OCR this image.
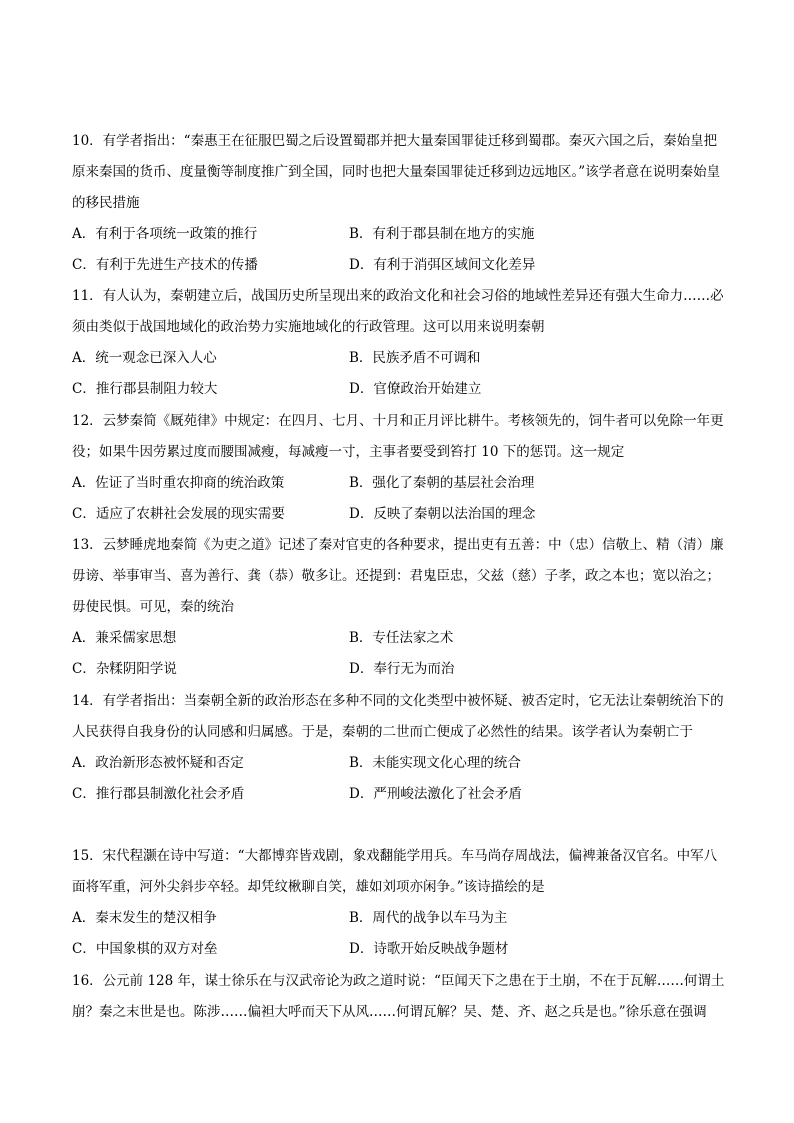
10．有学者指出：“秦惠王在征服巴蜀之后设置蜀郡并把大量秦国罪徒迁移到蜀郡。秦灭六国之后，秦始皇把原来秦国的货币、度量衡等制度推广到全国，同时也把大量秦国罪徒迁移到边远地区。”该学者意在说明秦始皇的移民措施

A．有利于各项统一政策的推行	B．有利于郡县制在地方的实施
C．有利于先进生产技术的传播	D．有利于消弭区域间文化差异

11．有人认为，秦朝建立后，战国历史所呈现出来的政治文化和社会习俗的地域性差异还有强大生命力……必须由类似于战国地域化的政治势力实施地域化的行政管理。这可以用来说明秦朝

A．统一观念已深入人心	B．民族矛盾不可调和
C．推行郡县制阻力较大	D．官僚政治开始建立

12．云梦秦简《厩苑律》中规定：在四月、七月、十月和正月评比耕牛。考核领先的，饲牛者可以免除一年更役；如果牛因劳累过度而腰围减瘦，每减瘦一寸，主事者要受到笞打 10 下的惩罚。这一规定

A．佐证了当时重农抑商的统治政策	B．强化了秦朝的基层社会治理
C．适应了农耕社会发展的现实需要	D．反映了秦朝以法治国的理念

13．云梦睡虎地秦简《为吏之道》记述了秦对官吏的各种要求，提出吏有五善：中（忠）信敬上、精（清）廉毋谤、举事审当、喜为善行、龚（恭）敬多让。还提到：君鬼臣忠，父兹（慈）子孝，政之本也；宽以治之；毋使民惧。可见，秦的统治

A．兼采儒家思想	B．专任法家之术
C．杂糅阴阳学说	D．奉行无为而治

14．有学者指出：当秦朝全新的政治形态在多种不同的文化类型中被怀疑、被否定时，它无法让秦朝统治下的人民获得自我身份的认同感和归属感。于是，秦朝的二世而亡便成了必然性的结果。该学者认为秦朝亡于

A．政治新形态被怀疑和否定	B．未能实现文化心理的统合
C．推行郡县制激化社会矛盾	D．严刑峻法激化了社会矛盾

15．宋代程灏在诗中写道：“大都博弈皆戏剧，象戏翻能学用兵。车马尚存周战法，偏裨兼备汉官名。中军八面将军重，河外尖斜步卒轻。却凭纹楸聊自笑，雄如刘项亦闲争。”该诗描绘的是

A．秦末发生的楚汉相争	B．周代的战争以车马为主
C．中国象棋的双方对垒	D．诗歌开始反映战争题材

16．公元前 128 年，谋士徐乐在与汉武帝论为政之道时说：“臣闻天下之患在于土崩，不在于瓦解……何谓土崩？秦之末世是也。陈涉……偏袒大呼而天下从风……何谓瓦解？吴、楚、齐、赵之兵是也。”徐乐意在强调
